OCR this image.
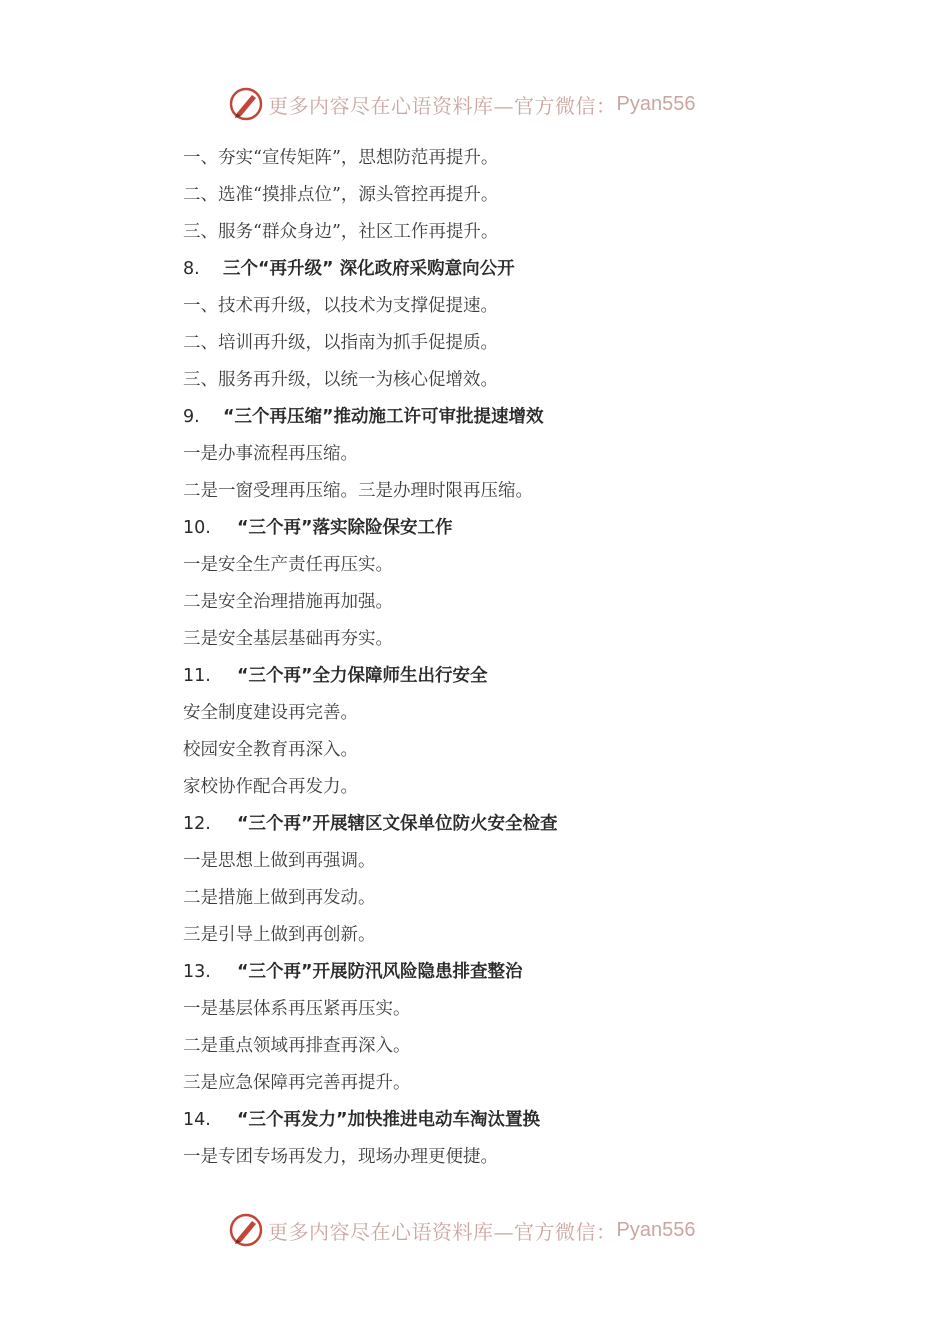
更多内容尽在心语资料库—官方微信： Pyan556
一、夯实“宣传矩阵”，思想防范再提升。
二、选准“摸排点位”，源头管控再提升。
三、服务“群众身边”，社区工作再提升。
8. 三个“再升级” 深化政府采购意向公开
一、技术再升级，以技术为支撑促提速。
二、培训再升级，以指南为抓手促提质。
三、服务再升级，以统一为核心促增效。
9. “三个再压缩”推动施工许可审批提速增效
一是办事流程再压缩。
二是一窗受理再压缩。三是办理时限再压缩。
10. “三个再”落实除险保安工作
一是安全生产责任再压实。
二是安全治理措施再加强。
三是安全基层基础再夯实。
11. “三个再”全力保障师生出行安全
安全制度建设再完善。
校园安全教育再深入。
家校协作配合再发力。
12. “三个再”开展辖区文保单位防火安全检查
一是思想上做到再强调。
二是措施上做到再发动。
三是引导上做到再创新。
13. “三个再”开展防汛风险隐患排查整治
一是基层体系再压紧再压实。
二是重点领域再排查再深入。
三是应急保障再完善再提升。
14. “三个再发力”加快推进电动车淘汰置换
一是专团专场再发力，现场办理更便捷。
更多内容尽在心语资料库—官方微信： Pyan556
